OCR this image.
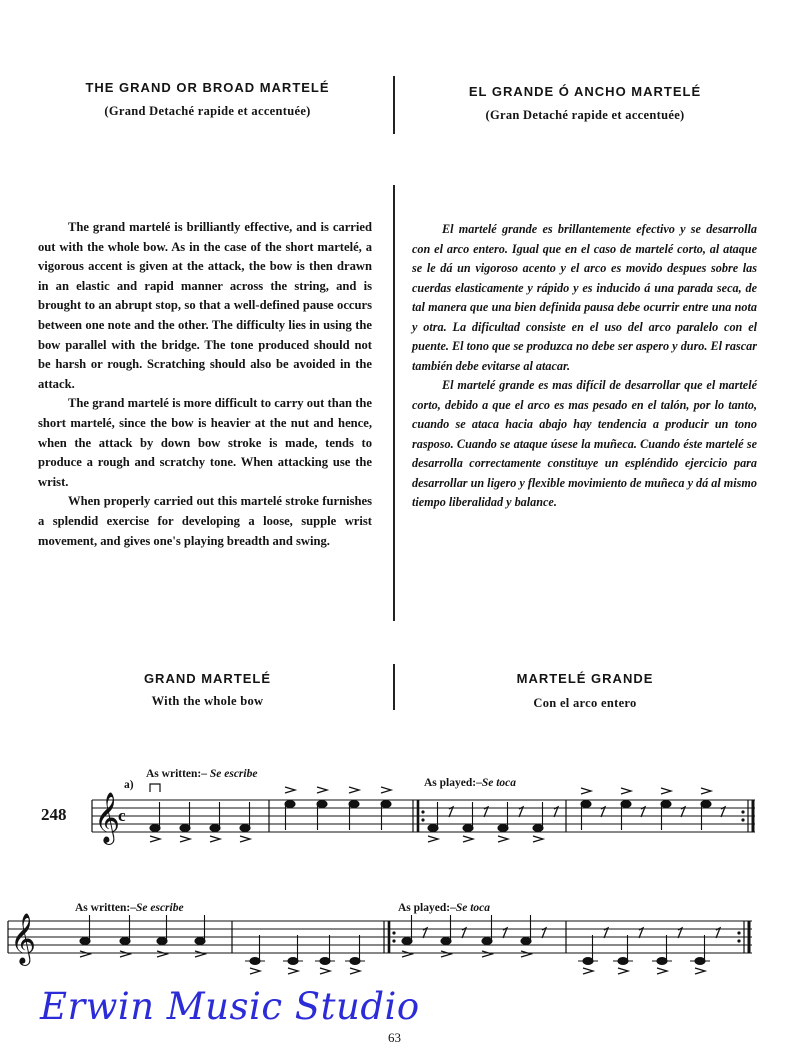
THE GRAND OR BROAD MARTELÉ
(Grand Detaché rapide et accentuée)
EL GRANDE Ó ANCHO MARTELÉ
(Gran Detaché rapide et accentuée)

The grand martelé is brilliantly effective, and is carried out with the whole bow. As in the case of the short martelé, a vigorous accent is given at the attack, the bow is then drawn in an elastic and rapid manner across the string, and is brought to an abrupt stop, so that a well-defined pause occurs between one note and the other. The difficulty lies in using the bow parallel with the bridge. The tone produced should not be harsh or rough. Scratching should also be avoided in the attack.

The grand martelé is more difficult to carry out than the short martelé, since the bow is heavier at the nut and hence, when the attack by down bow stroke is made, tends to produce a rough and scratchy tone. When attacking use the wrist.

When properly carried out this martelé stroke furnishes a splendid exercise for developing a loose, supple wrist movement, and gives one's playing breadth and swing.

El martelé grande es brillantemente efectivo y se desarrolla con el arco entero. Igual que en el caso de martelé corto, al ataque se le dá un vigoroso acento y el arco es movido despues sobre las cuerdas elasticamente y rápido y es inducido á una parada seca, de tal manera que una bien definida pausa debe ocurrir entre una nota y otra. La dificultad consiste en el uso del arco paralelo con el puente. El tono que se produzca no debe ser aspero y duro. El rascar también debe evitarse al atacar.

El martelé grande es mas difícil de desarrollar que el martelé corto, debido a que el arco es mas pesado en el talón, por lo tanto, cuando se ataca hacia abajo hay tendencia a producir un tono rasposo. Cuando se ataque úsese la muñeca. Cuando éste martelé se desarrolla correctamente constituye un espléndido ejercicio para desarrollar un ligero y flexible movimiento de muñeca y dá al mismo tiempo liberalidad y balance.

GRAND MARTELÉ
With the whole bow
MARTELÉ GRANDE
Con el arco entero
248
a)
As written:– Se escribe
As played:–Se toca
As written:–Se escribe	As played:–Se toca
𝄞
c
𝄞
Erwin Music Studio
63
